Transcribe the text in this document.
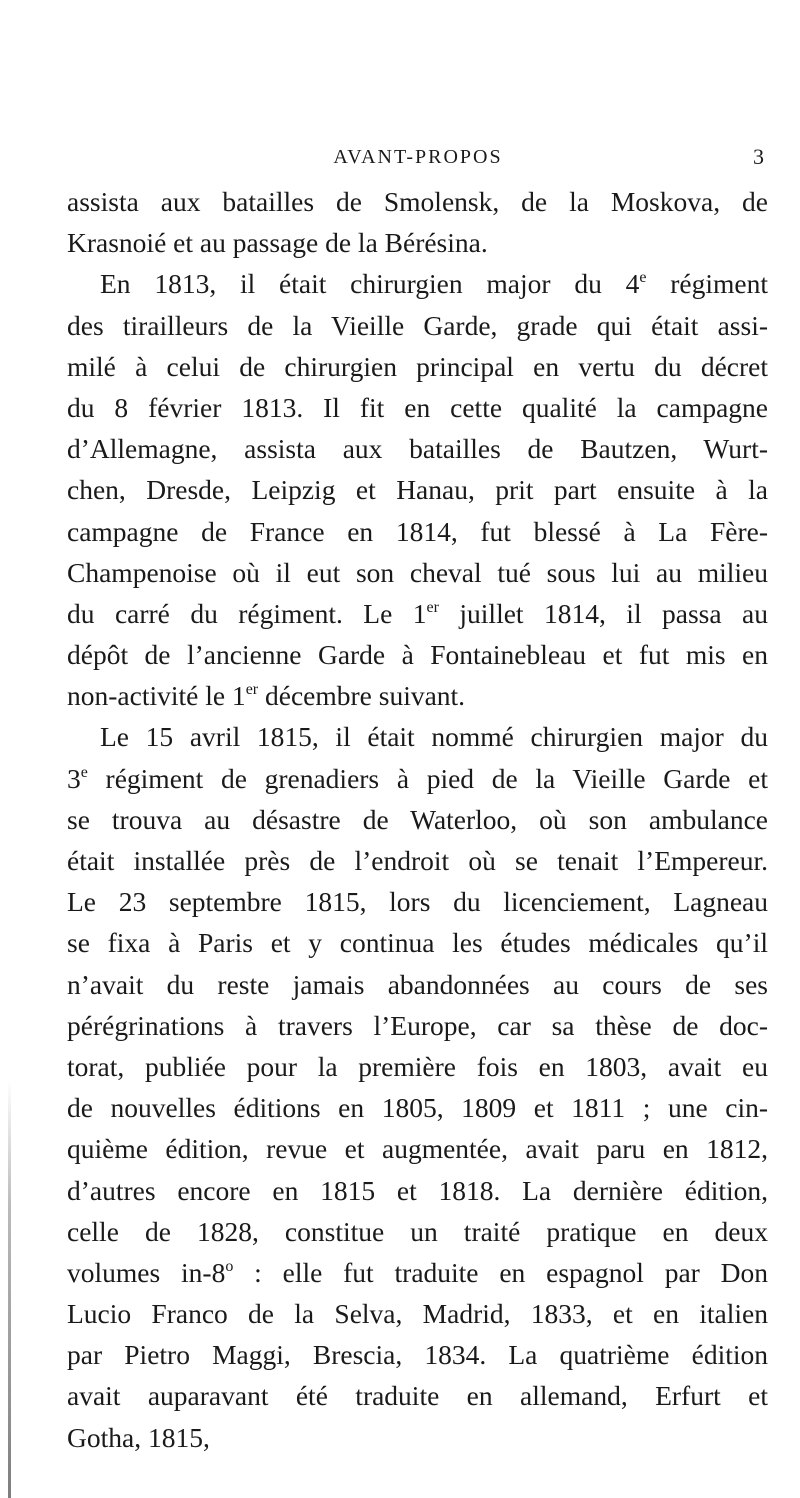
AVANT-PROPOS	3
assista aux batailles de Smolensk, de la Moskova, de
Krasnoié et au passage de la Bérésina.
En 1813, il était chirurgien major du 4e régiment
des tirailleurs de la Vieille Garde, grade qui était assi-
milé à celui de chirurgien principal en vertu du décret
du 8 février 1813. Il fit en cette qualité la campagne
d’Allemagne, assista aux batailles de Bautzen, Wurt-
chen, Dresde, Leipzig et Hanau, prit part ensuite à la
campagne de France en 1814, fut blessé à La Fère-
Champenoise où il eut son cheval tué sous lui au milieu
du carré du régiment. Le 1er juillet 1814, il passa au
dépôt de l’ancienne Garde à Fontainebleau et fut mis en
non-activité le 1er décembre suivant.
Le 15 avril 1815, il était nommé chirurgien major du
3e régiment de grenadiers à pied de la Vieille Garde et
se trouva au désastre de Waterloo, où son ambulance
était installée près de l’endroit où se tenait l’Empereur.
Le 23 septembre 1815, lors du licenciement, Lagneau
se fixa à Paris et y continua les études médicales qu’il
n’avait du reste jamais abandonnées au cours de ses
pérégrinations à travers l’Europe, car sa thèse de doc-
torat, publiée pour la première fois en 1803, avait eu
de nouvelles éditions en 1805, 1809 et 1811 ; une cin-
quième édition, revue et augmentée, avait paru en 1812,
d’autres encore en 1815 et 1818. La dernière édition,
celle de 1828, constitue un traité pratique en deux
volumes in-8$^o$ : elle fut traduite en espagnol par Don
Lucio Franco de la Selva, Madrid, 1833, et en italien
par Pietro Maggi, Brescia, 1834. La quatrième édition
avait auparavant été traduite en allemand, Erfurt et
Gotha, 1815,
